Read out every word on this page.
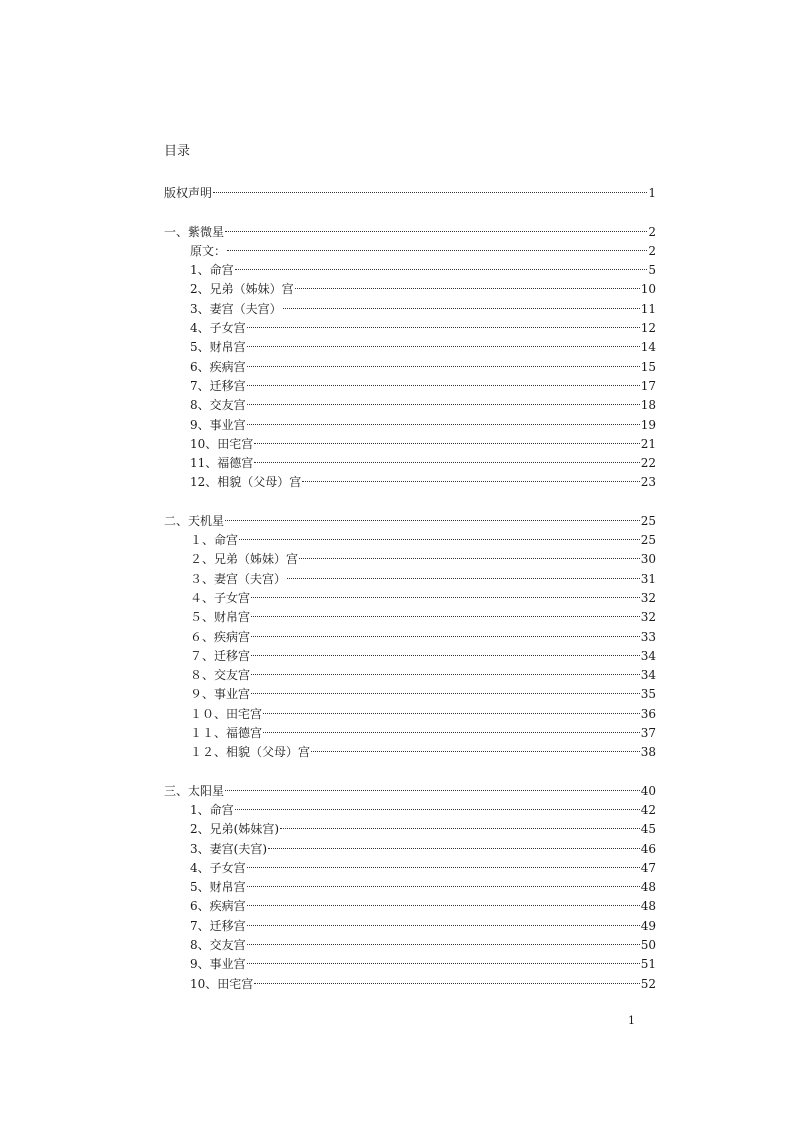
目录
版权声明	1
一、紫微星	2
原文：	2
1、命宫	5
2、兄弟（姊妹）宫	10
3、妻宫（夫宫）	11
4、子女宫	12
5、财帛宫	14
6、疾病宫	15
7、迁移宫	17
8、交友宫	18
9、事业宫	19
10、田宅宫	21
11、福德宫	22
12、相貌（父母）宫	23
二、天机星	25
１、命宫	25
２、兄弟（姊妹）宫	30
３、妻宫（夫宫）	31
４、子女宫	32
５、财帛宫	32
６、疾病宫	33
７、迁移宫	34
８、交友宫	34
９、事业宫	35
１０、田宅宫	36
１１、福德宫	37
１２、相貌（父母）宫	38
三、太阳星	40
1、命宫	42
2、兄弟(姊妹宫)	45
3、妻宫(夫宫)	46
4、子女宫	47
5、财帛宫	48
6、疾病宫	48
7、迁移宫	49
8、交友宫	50
9、事业宫	51
10、田宅宫	52
1
